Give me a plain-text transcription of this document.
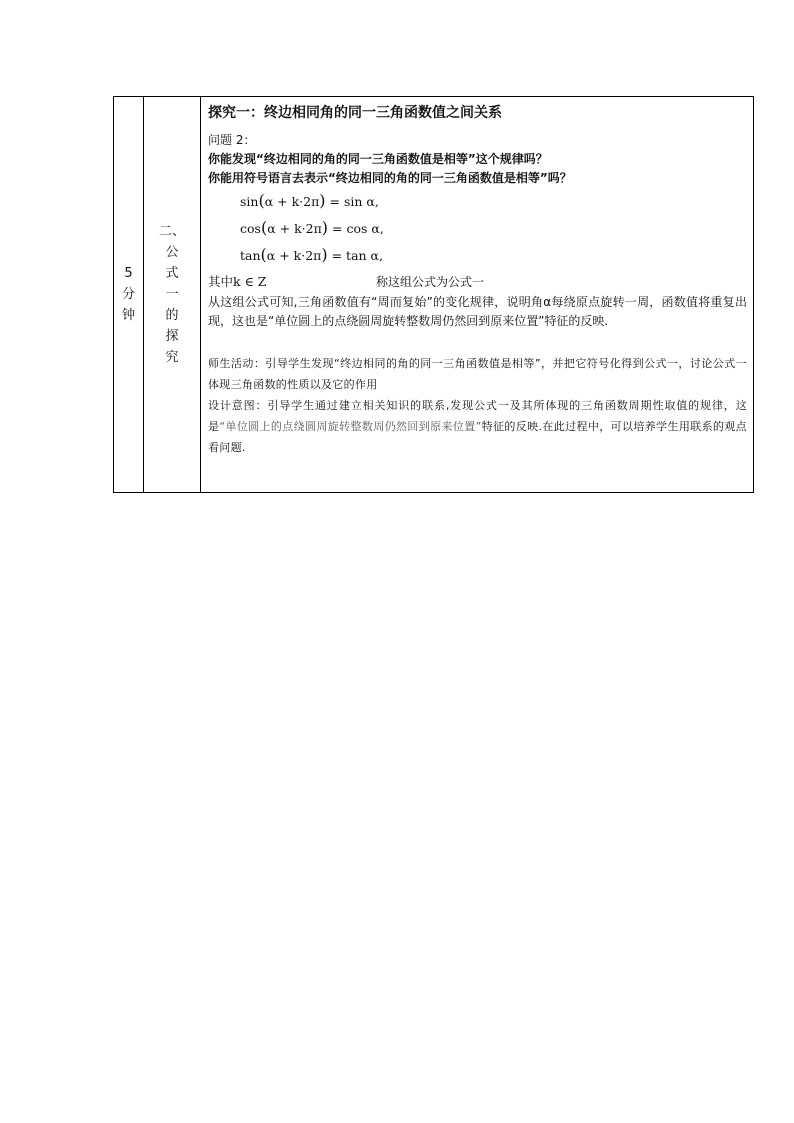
5
分
钟

二、
公
式
一
的
探
究

探究一：终边相同角的同一三角函数值之间关系
问题 2：
你能发现“终边相同的角的同一三角函数值是相等”这个规律吗？
你能用符号语言去表示“终边相同的角的同一三角函数值是相等”吗？
sin(α + k·2π) = sin α,
cos(α + k·2π) = cos α,
tan(α + k·2π) = tan α,
其中k ∈ Z	称这组公式为公式一

从这组公式可知,三角函数值有“周而复始”的变化规律，说明角α每绕原点旋转一周，函数值将重复出现，这也是“单位圆上的点绕圆周旋转整数周仍然回到原来位置”特征的反映.

师生活动：引导学生发现“终边相同的角的同一三角函数值是相等”，并把它符号化得到公式一，讨论公式一体现三角函数的性质以及它的作用

设计意图：引导学生通过建立相关知识的联系,发现公式一及其所体现的三角函数周期性取值的规律，这是“单位圆上的点绕圆周旋转整数周仍然回到原来位置”特征的反映.在此过程中，可以培养学生用联系的观点看问题.
